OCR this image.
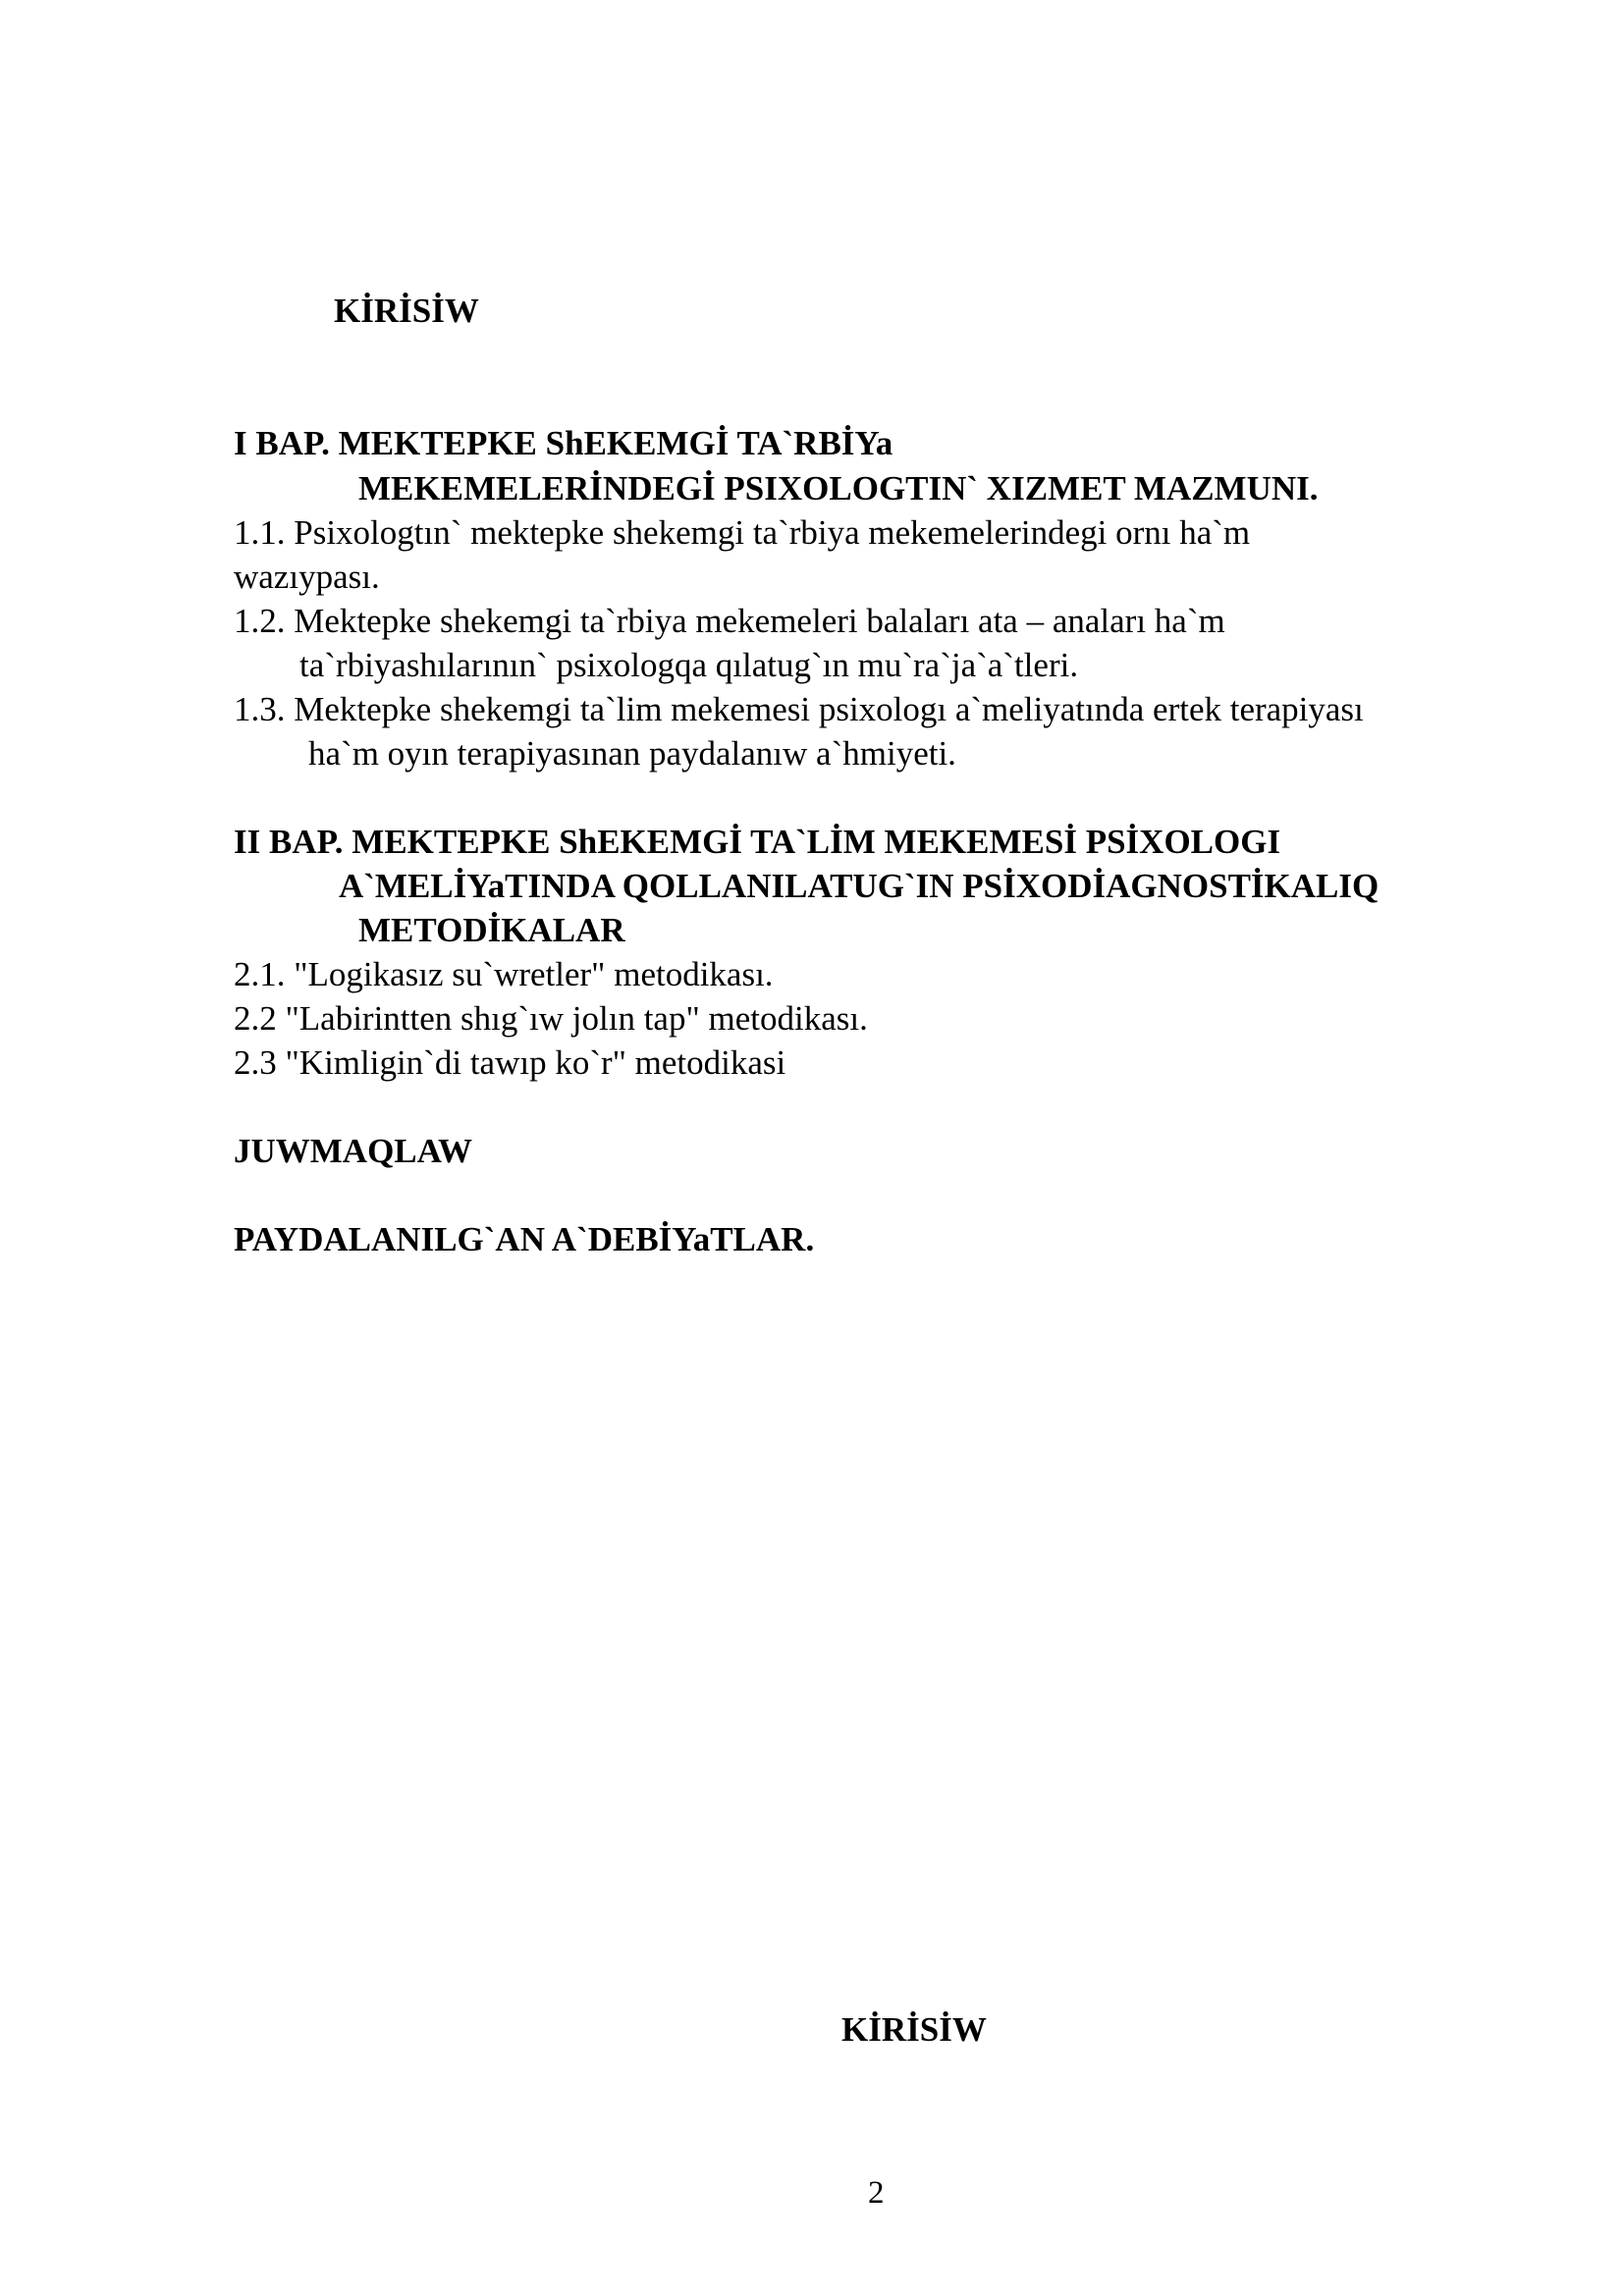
KİRİSİW
I BAP. MEKTEPKE ShEKEMGİ TA`RBİYa
MEKEMELERİNDEGİ PSIXOLOGTIN` XIZMET MAZMUNI.
1.1. Psixologtın` mektepke shekemgi ta`rbiya mekemelerindegi ornı ha`m
wazıypası.
1.2. Mektepke shekemgi ta`rbiya mekemeleri balaları ata – anaları ha`m
ta`rbiyashılarının` psixologqa qılatug`ın mu`ra`ja`a`tleri.
1.3. Mektepke shekemgi ta`lim mekemesi psixologı a`meliyatında ertek terapiyası
ha`m oyın terapiyasınan paydalanıw a`hmiyeti.
II BAP. MEKTEPKE ShEKEMGİ TA`LİM MEKEMESİ PSİXOLOGI
A`MELİYaTINDA QOLLANILATUG`IN PSİXODİAGNOSTİKALIQ
METODİKALAR
2.1. "Logikasız su`wretler" metodikası.
2.2 "Labirintten shıg`ıw jolın tap" metodikası.
2.3 "Kimligin`di tawıp ko`r" metodikasi
JUWMAQLAW
PAYDALANILG`AN A`DEBİYaTLAR.
KİRİSİW
2
